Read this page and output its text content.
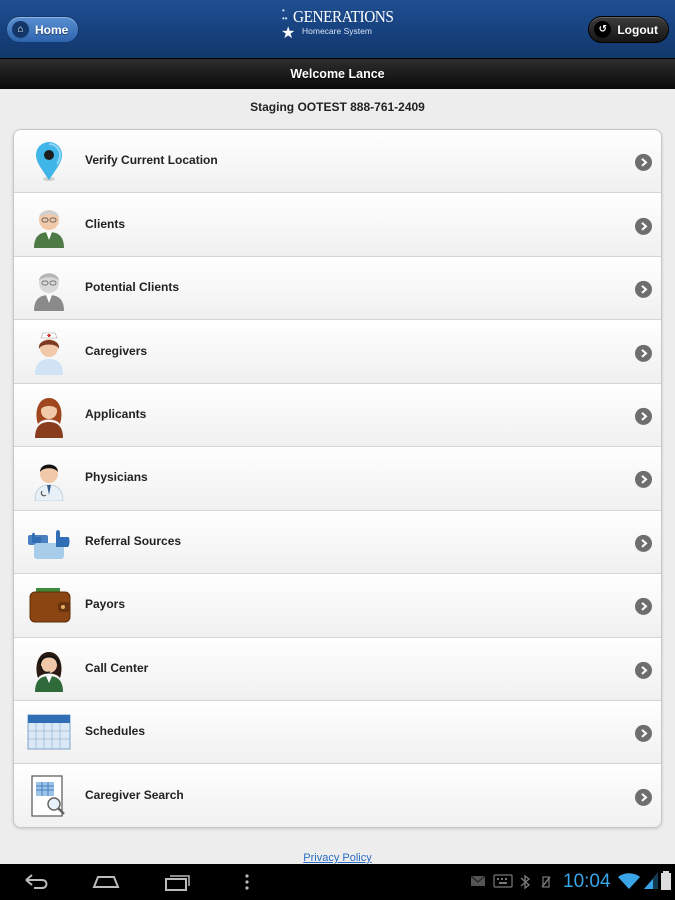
⌂ Home
•
••
★
GENERATIONS
Homecare System	↺ Logout
Welcome Lance
Staging OOTEST 888-761-2409
Verify Current Location
Clients
Potential Clients
Caregivers
Applicants
Physicians
Referral Sources
Payors
Call Center
Schedules
Caregiver Search
Privacy Policy
10:04
